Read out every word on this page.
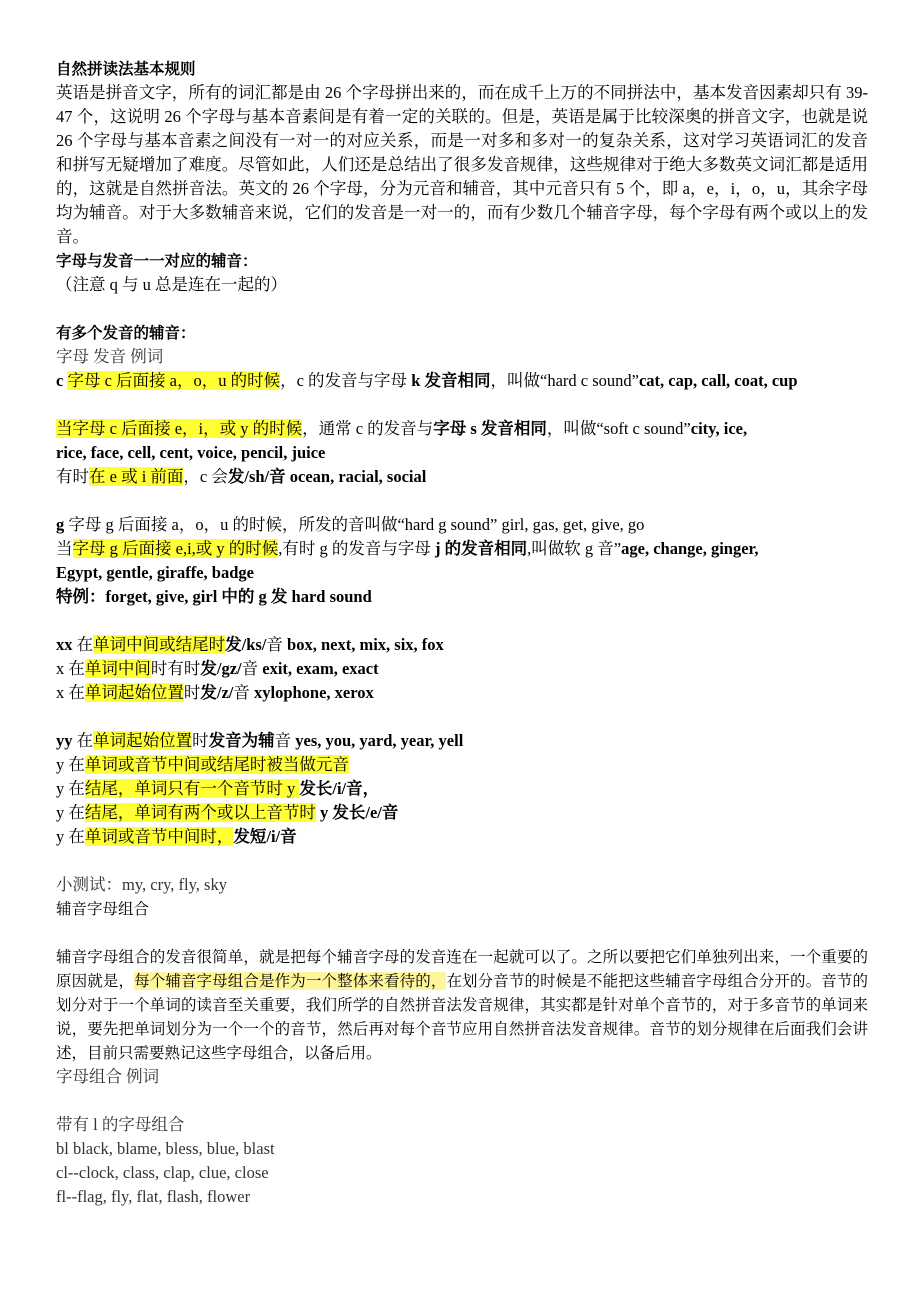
自然拼读法基本规则
英语是拼音文字，所有的词汇都是由 26 个字母拼出来的，而在成千上万的不同拼法中，基本发音因素却只有 39-47 个，这说明 26 个字母与基本音素间是有着一定的关联的。但是，英语是属于比较深奥的拼音文字，也就是说 26 个字母与基本音素之间没有一对一的对应关系，而是一对多和多对一的复杂关系，这对学习英语词汇的发音和拼写无疑增加了难度。尽管如此，人们还是总结出了很多发音规律，这些规律对于绝大多数英文词汇都是适用的，这就是自然拼音法。英文的 26 个字母，分为元音和辅音，其中元音只有 5 个，即 a，e，i，o，u，其余字母均为辅音。对于大多数辅音来说，它们的发音是一对一的，而有少数几个辅音字母，每个字母有两个或以上的发音。
字母与发音一一对应的辅音：
（注意 q 与 u 总是连在一起的）
有多个发音的辅音：
字母 发音 例词
c 字母 c 后面接 a，o，u 的时候，c 的发音与字母 k 发音相同，叫做“hard c sound”cat, cap, call, coat, cup
当字母 c 后面接 e，i，或 y 的时候，通常 c 的发音与字母 s 发音相同，叫做“soft c sound”city, ice,
rice, face, cell, cent, voice, pencil, juice
有时在 e 或 i 前面，c 会发/sh/音 ocean, racial, social
g 字母 g 后面接 a，o，u 的时候，所发的音叫做“hard g sound” girl, gas, get, give, go
当字母 g 后面接 e,i,或 y 的时候,有时 g 的发音与字母 j 的发音相同,叫做软 g 音”age, change, ginger,
Egypt, gentle, giraffe, badge
特例：forget, give, girl 中的 g 发 hard sound
xx 在单词中间或结尾时发/ks/音 box, next, mix, six, fox
x 在单词中间时有时发/gz/音 exit, exam, exact
x 在单词起始位置时发/z/音 xylophone, xerox
yy 在单词起始位置时发音为辅音 yes, you, yard, year, yell
y 在单词或音节中间或结尾时被当做元音
y 在结尾，单词只有一个音节时 y 发长/i/音，
y 在结尾，单词有两个或以上音节时 y 发长/e/音
y 在单词或音节中间时，发短/i/音
小测试：my, cry, fly, sky
辅音字母组合
辅音字母组合的发音很简单，就是把每个辅音字母的发音连在一起就可以了。之所以要把它们单独列出来，一个重要的原因就是，每个辅音字母组合是作为一个整体来看待的，在划分音节的时候是不能把这些辅音字母组合分开的。音节的划分对于一个单词的读音至关重要，我们所学的自然拼音法发音规律，其实都是针对单个音节的，对于多音节的单词来说，要先把单词划分为一个一个的音节，然后再对每个音节应用自然拼音法发音规律。音节的划分规律在后面我们会讲述，目前只需要熟记这些字母组合，以备后用。
字母组合 例词
带有 l 的字母组合
bl black, blame, bless, blue, blast
cl--clock, class, clap, clue, close
fl--flag, fly, flat, flash, flower
